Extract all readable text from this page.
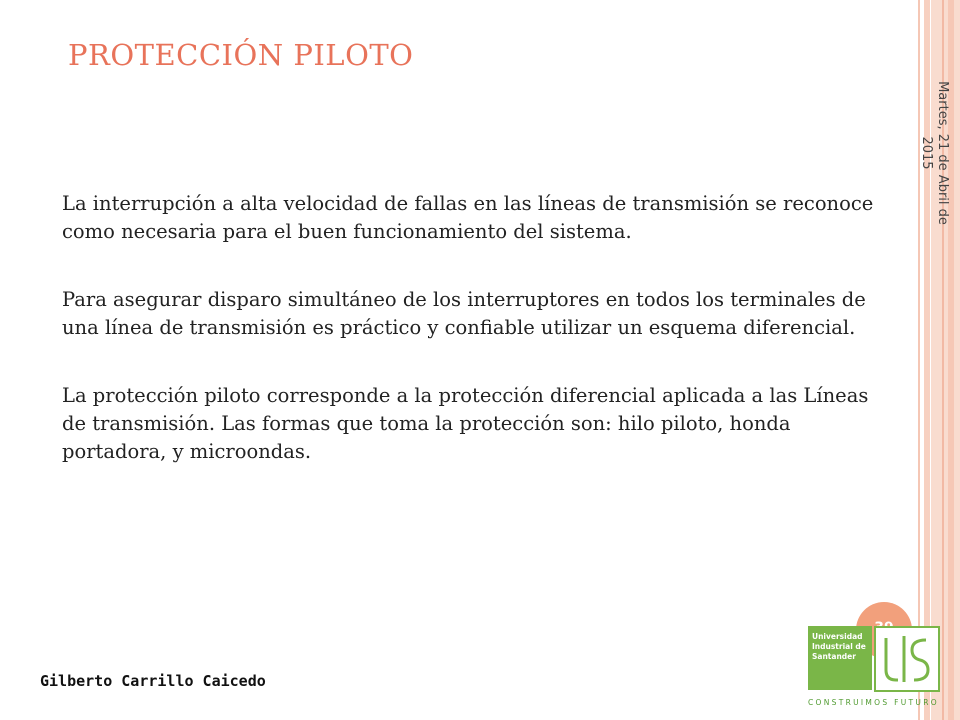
PROTECCIÓN PILOTO
Martes, 21 de Abril de 2015

La interrupción a alta velocidad de fallas en las líneas de transmisión se reconoce como necesaria para el buen funcionamiento del sistema.

Para asegurar disparo simultáneo de los interruptores en todos los terminales de una línea de transmisión es práctico y confiable utilizar un esquema diferencial.

La protección piloto corresponde a la protección diferencial aplicada a las Líneas de transmisión. Las formas que toma la protección son: hilo piloto, honda portadora, y microondas.

Gilberto Carrillo Caicedo
Universidad Industrial de Santander
CONSTRUIMOS FUTURO
